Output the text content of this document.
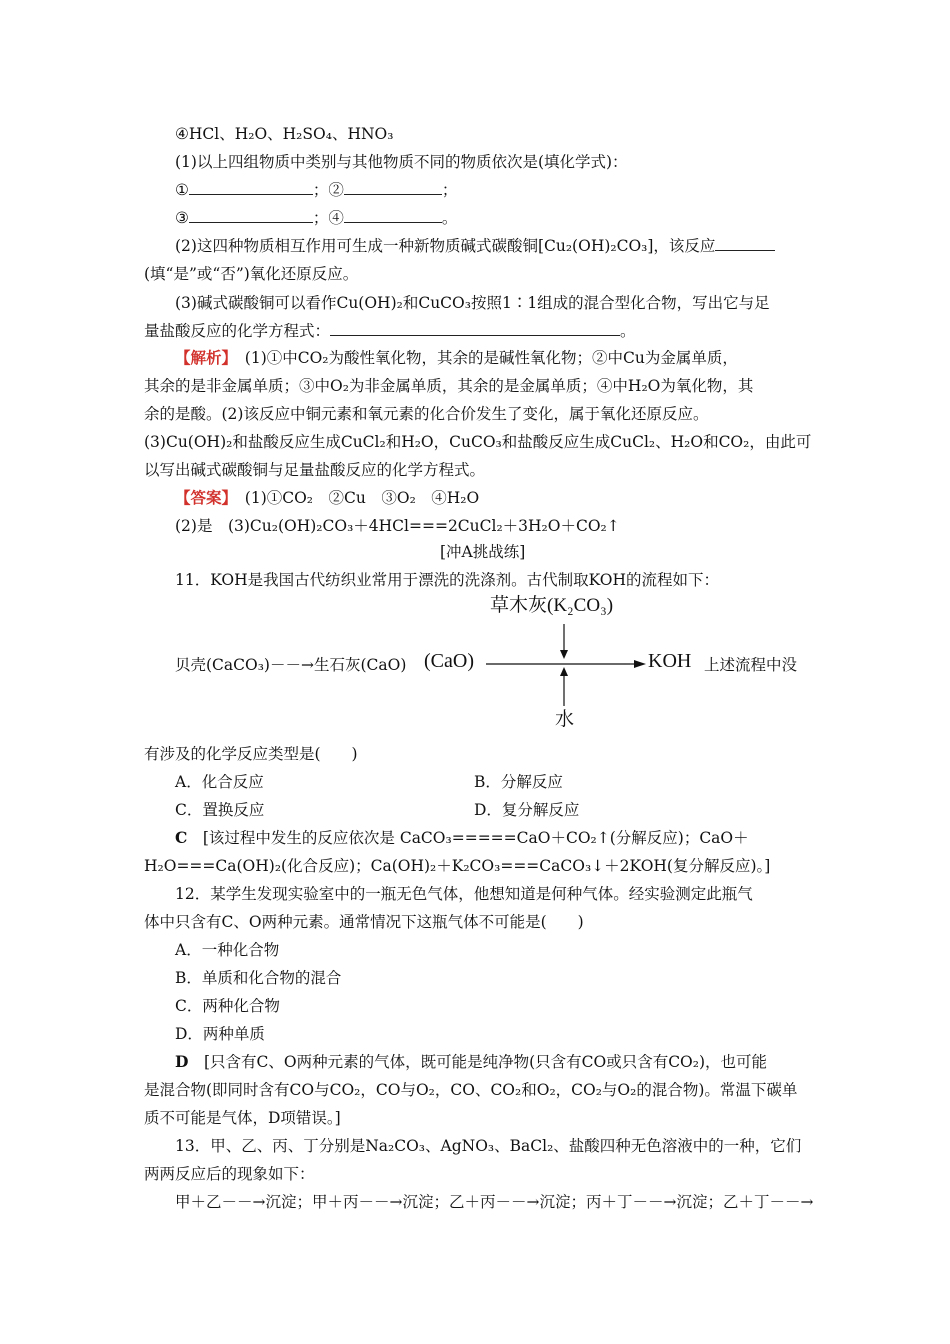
④HCl、H₂O、H₂SO₄、HNO₃
(1)以上四组物质中类别与其他物质不同的物质依次是(填化学式)：
①	；②	；
③	；④	。
(2)这四种物质相互作用可生成一种新物质碱式碳酸铜[Cu₂(OH)₂CO₃]，该反应
(填“是”或“否”)氧化还原反应。
(3)碱式碳酸铜可以看作Cu(OH)₂和CuCO₃按照1∶1组成的混合型化合物，写出它与足
量盐酸反应的化学方程式：	。
【解析】　 (1)①中CO₂为酸性氧化物，其余的是碱性氧化物；②中Cu为金属单质，
其余的是非金属单质；③中O₂为非金属单质，其余的是金属单质；④中H₂O为氧化物，其
余的是酸。(2)该反应中铜元素和氧元素的化合价发生了变化，属于氧化还原反应。
(3)Cu(OH)₂和盐酸反应生成CuCl₂和H₂O，CuCO₃和盐酸反应生成CuCl₂、H₂O和CO₂，由此可
以写出碱式碳酸铜与足量盐酸反应的化学方程式。
【答案】　 (1)①CO₂　②Cu　③O₂　④H₂O
(2)是　(3)Cu₂(OH)₂CO₃＋4HCl===2CuCl₂＋3H₂O＋CO₂↑
[冲A挑战练]
11．KOH是我国古代纺织业常用于漂洗的洗涤剂。古代制取KOH的流程如下：
草木灰(K₂CO₃)
贝壳(CaCO₃)－－→生石灰(CaO) (CaO)	KOH 上述流程中没
水
有涉及的化学反应类型是(　　)
A．化合反应	B．分解反应
C．置换反应	D．复分解反应
C　 [该过程中发生的反应依次是 CaCO₃=====CaO＋CO₂↑(分解反应)；CaO＋
H₂O===Ca(OH)₂(化合反应)；Ca(OH)₂＋K₂CO₃===CaCO₃↓＋2KOH(复分解反应)。]
12．某学生发现实验室中的一瓶无色气体，他想知道是何种气体。经实验测定此瓶气
体中只含有C、O两种元素。通常情况下这瓶气体不可能是(　　)
A．一种化合物
B．单质和化合物的混合
C．两种化合物
D．两种单质
D　 [只含有C、O两种元素的气体，既可能是纯净物(只含有CO或只含有CO₂)，也可能
是混合物(即同时含有CO与CO₂，CO与O₂，CO、CO₂和O₂，CO₂与O₂的混合物)。常温下碳单
质不可能是气体，D项错误。]
13．甲、乙、丙、丁分别是Na₂CO₃、AgNO₃、BaCl₂、盐酸四种无色溶液中的一种，它们
两两反应后的现象如下：
甲＋乙－－→沉淀；甲＋丙－－→沉淀；乙＋丙－－→沉淀；丙＋丁－－→沉淀；乙＋丁－－→
